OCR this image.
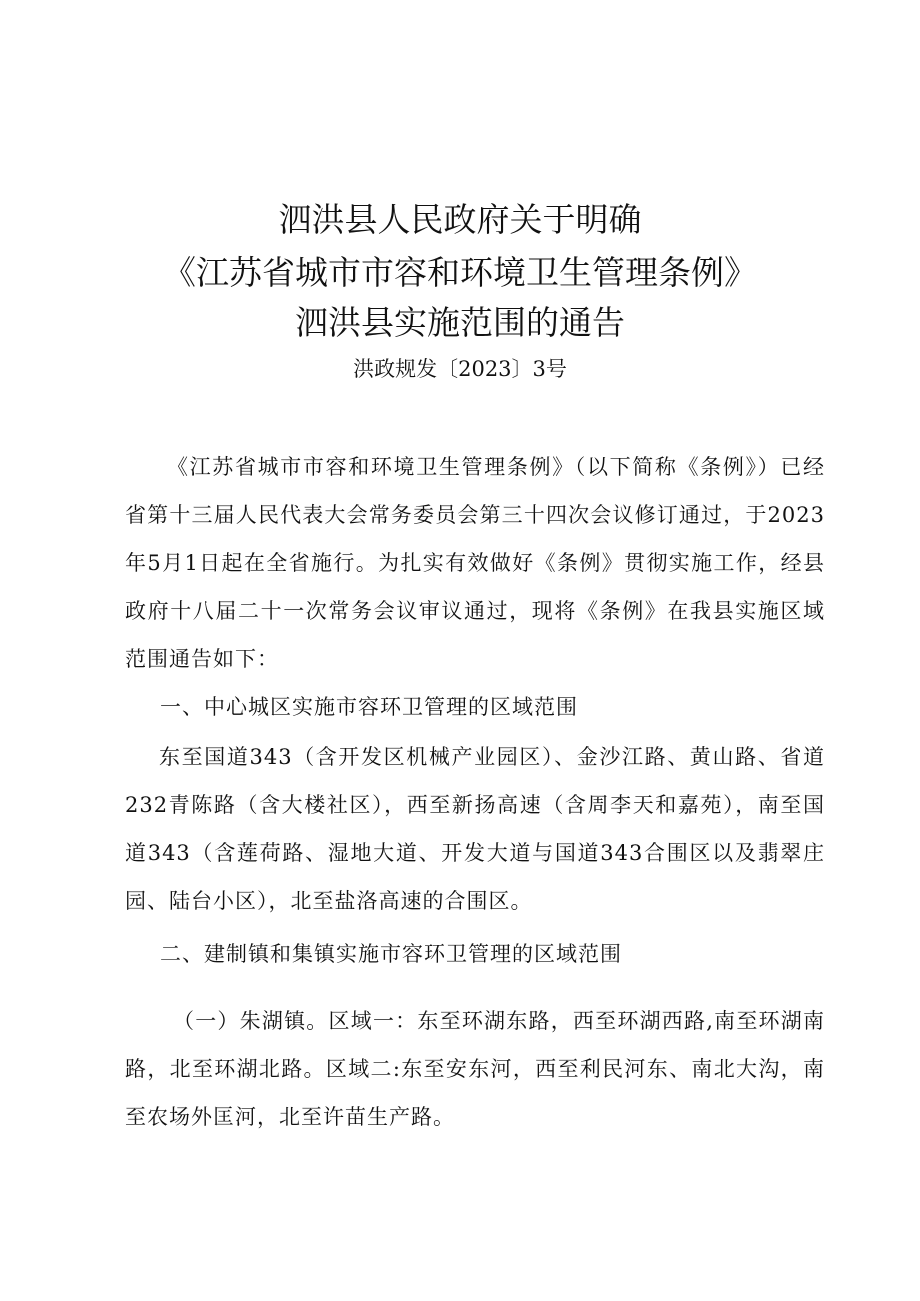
泗洪县人民政府关于明确
《江苏省城市市容和环境卫生管理条例》
泗洪县实施范围的通告
洪政规发〔2023〕3号
《江苏省城市市容和环境卫生管理条例》（以下简称《条例》）已经省第十三届人民代表大会常务委员会第三十四次会议修订通过，于2023年5月1日起在全省施行。为扎实有效做好《条例》贯彻实施工作，经县政府十八届二十一次常务会议审议通过，现将《条例》在我县实施区域范围通告如下：
一、中心城区实施市容环卫管理的区域范围
东至国道343（含开发区机械产业园区）、金沙江路、黄山路、省道232青陈路（含大楼社区），西至新扬高速（含周李天和嘉苑），南至国道343（含莲荷路、湿地大道、开发大道与国道343合围区以及翡翠庄园、陆台小区），北至盐洛高速的合围区。
二、建制镇和集镇实施市容环卫管理的区域范围
（一）朱湖镇。区域一：东至环湖东路，西至环湖西路,南至环湖南路，北至环湖北路。区域二:东至安东河，西至利民河东、南北大沟，南至农场外匡河，北至许苗生产路。
